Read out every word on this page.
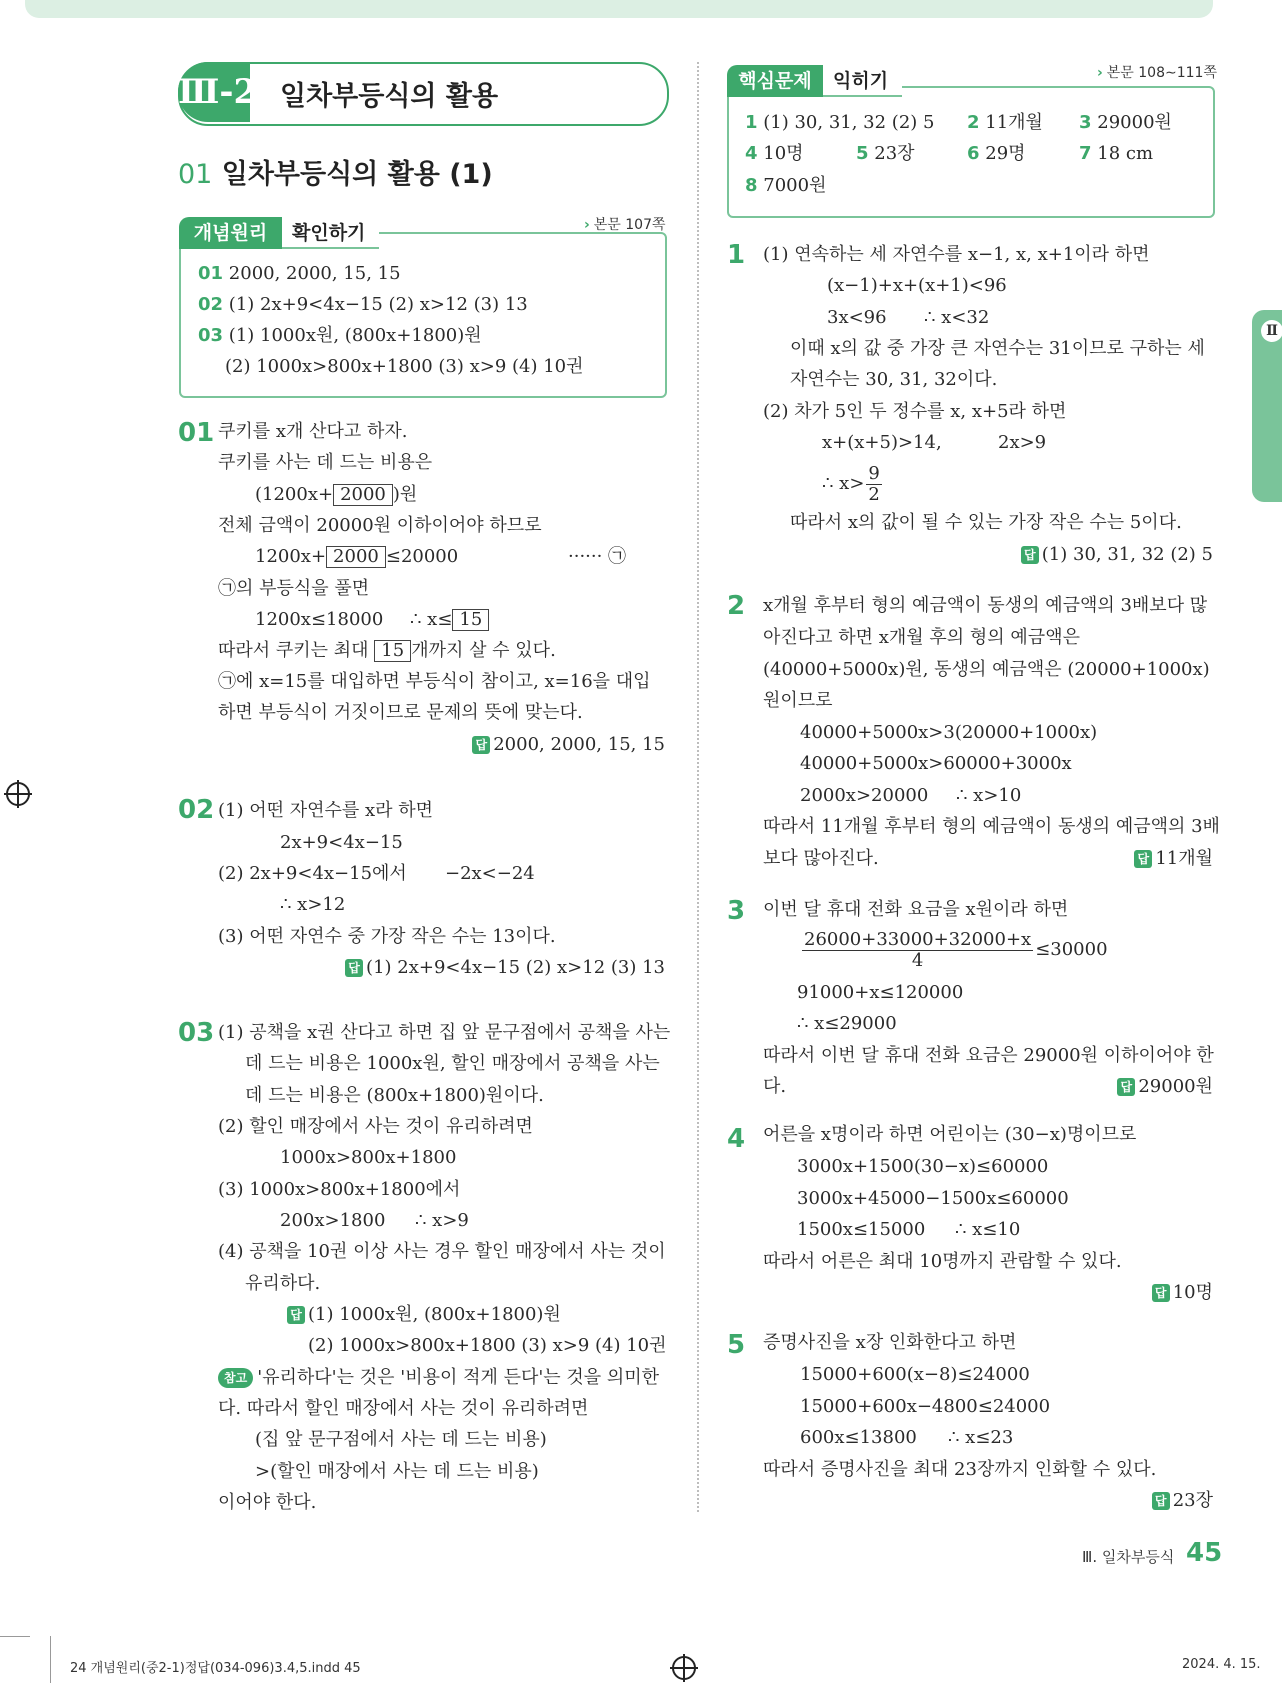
Ⅱ
Ⅲ-2 일차부등식의 활용
01 일차부등식의 활용 (1)
개념원리	확인하기	› 본문 107쪽
01 2000, 2000, 15, 15
02 (1) 2x+9<4x−15 (2) x>12 (3) 13
03 (1) 1000x원, (800x+1800)원
(2) 1000x>800x+1800 (3) x>9 (4) 10권
01 쿠키를 x개 산다고 하자.
쿠키를 사는 데 드는 비용은
(1200x+ 2000 )원
전체 금액이 20000원 이하이어야 하므로
1200x+ 2000 ≤20000	······ ㉠
㉠의 부등식을 풀면
1200x≤18000 ∴ x≤ 15
따라서 쿠키는 최대 15 개까지 살 수 있다.
㉠에 x=15를 대입하면 부등식이 참이고, x=16을 대입
하면 부등식이 거짓이므로 문제의 뜻에 맞는다.
답 2000, 2000, 15, 15
02 (1) 어떤 자연수를 x라 하면
2x+9<4x−15
(2) 2x+9<4x−15에서 −2x<−24
∴ x>12
(3) 어떤 자연수 중 가장 작은 수는 13이다.
답 (1) 2x+9<4x−15 (2) x>12 (3) 13
03 (1) 공책을 x권 산다고 하면 집 앞 문구점에서 공책을 사는
데 드는 비용은 1000x원, 할인 매장에서 공책을 사는
데 드는 비용은 (800x+1800)원이다.
(2) 할인 매장에서 사는 것이 유리하려면
1000x>800x+1800
(3) 1000x>800x+1800에서
200x>1800 ∴ x>9
(4) 공책을 10권 이상 사는 경우 할인 매장에서 사는 것이
유리하다.
답 (1) 1000x원, (800x+1800)원
(2) 1000x>800x+1800 (3) x>9 (4) 10권
참고 '유리하다'는 것은 '비용이 적게 든다'는 것을 의미한
다. 따라서 할인 매장에서 사는 것이 유리하려면
(집 앞 문구점에서 사는 데 드는 비용)
>(할인 매장에서 사는 데 드는 비용)
이어야 한다.
핵심문제	익히기	› 본문 108∼111쪽
1 (1) 30, 31, 32 (2) 5 2 11개월 3 29000원
4 10명	5 23장	6 29명	7 18 cm
8 7000원
1 (1) 연속하는 세 자연수를 x−1, x, x+1이라 하면
(x−1)+x+(x+1)<96
3x<96 ∴ x<32
이때 x의 값 중 가장 큰 자연수는 31이므로 구하는 세
자연수는 30, 31, 32이다.
(2) 차가 5인 두 정수를 x, x+5라 하면
x+(x+5)>14,	2x>9
∴ $x> \frac{9}{2}$
따라서 x의 값이 될 수 있는 가장 작은 수는 5이다.
답 (1) 30, 31, 32 (2) 5
2 x개월 후부터 형의 예금액이 동생의 예금액의 3배보다 많
아진다고 하면 x개월 후의 형의 예금액은
(40000+5000x)원, 동생의 예금액은 (20000+1000x)
원이므로
40000+5000x>3(20000+1000x)
40000+5000x>60000+3000x
2000x>20000 ∴ x>10
따라서 11개월 후부터 형의 예금액이 동생의 예금액의 3배
보다 많아진다.	답 11개월
3 이번 달 휴대 전화 요금을 x원이라 하면
$\frac{26000+33000+32000+x}{4} \le 30000$
91000+x≤120000
∴ x≤29000
따라서 이번 달 휴대 전화 요금은 29000원 이하이어야 한
다.	답 29000원
4 어른을 x명이라 하면 어린이는 (30−x)명이므로
3000x+1500(30−x)≤60000
3000x+45000−1500x≤60000
1500x≤15000 ∴ x≤10
따라서 어른은 최대 10명까지 관람할 수 있다.
답 10명
5 증명사진을 x장 인화한다고 하면
15000+600(x−8)≤24000
15000+600x−4800≤24000
600x≤13800 ∴ x≤23
따라서 증명사진을 최대 23장까지 인화할 수 있다.
답 23장
Ⅲ. 일차부등식 45
24 개념원리(중2-1)정답(034-096)3.4,5.indd 45	2024. 4. 15.
